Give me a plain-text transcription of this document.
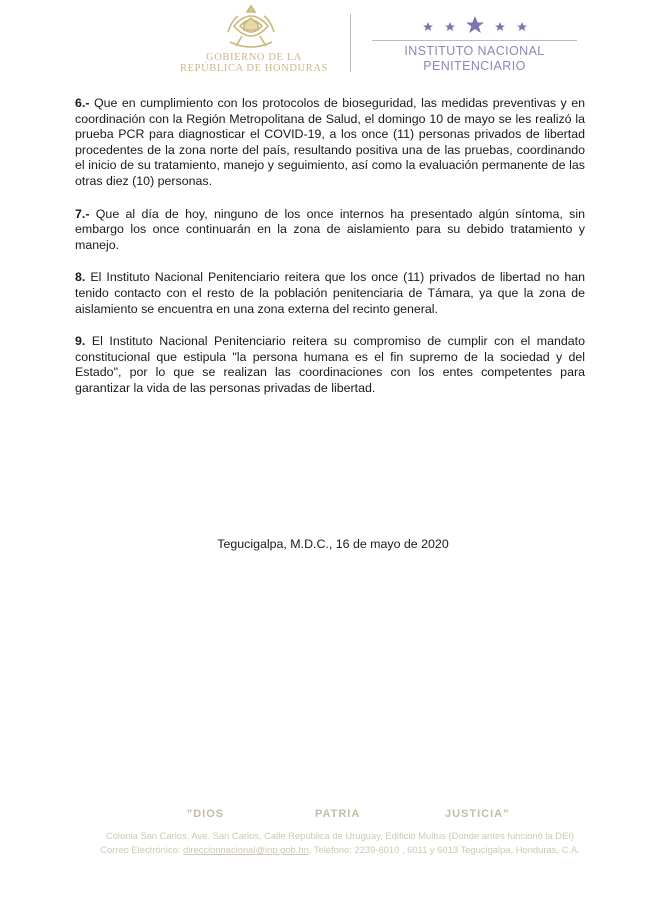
GOBIERNO DE LA
REPÚBLICA DE HONDURAS
INSTITUTO NACIONAL
PENITENCIARIO

6.- Que en cumplimiento con los protocolos de bioseguridad, las medidas preventivas y en coordinación con la Región Metropolitana de Salud, el domingo 10 de mayo se les realizó la prueba PCR para diagnosticar el COVID-19, a los once (11) personas privados de libertad procedentes de la zona norte del país, resultando positiva una de las pruebas, coordinando el inicio de su tratamiento, manejo y seguimiento, así como la evaluación permanente de las otras diez (10) personas.

7.- Que al día de hoy, ninguno de los once internos ha presentado algún síntoma, sin embargo los once continuarán en la zona de aislamiento para su debido tratamiento y manejo.

8. El Instituto Nacional Penitenciario reitera que los once (11) privados de libertad no han tenido contacto con el resto de la población penitenciaria de Támara, ya que la zona de aislamiento se encuentra en una zona externa del recinto general.

9. El Instituto Nacional Penitenciario reitera su compromiso de cumplir con el mandato constitucional que estipula "la persona humana es el fin supremo de la sociedad y del Estado", por lo que se realizan las coordinaciones con los entes competentes para garantizar la vida de las personas privadas de libertad.

Tegucigalpa, M.D.C., 16 de mayo de 2020
"DIOS	PATRIA	JUSTICIA"
Colonia San Carlos, Ave. San Carlos, Calle República de Uruguay, Edificio Multus (Donde antes funcionó la DEI)
Correo Electrónico: direccionnacional@inp.gob.hn, Teléfono: 2239-6010 , 6011 y 6013 Tegucigalpa, Honduras, C.A.
